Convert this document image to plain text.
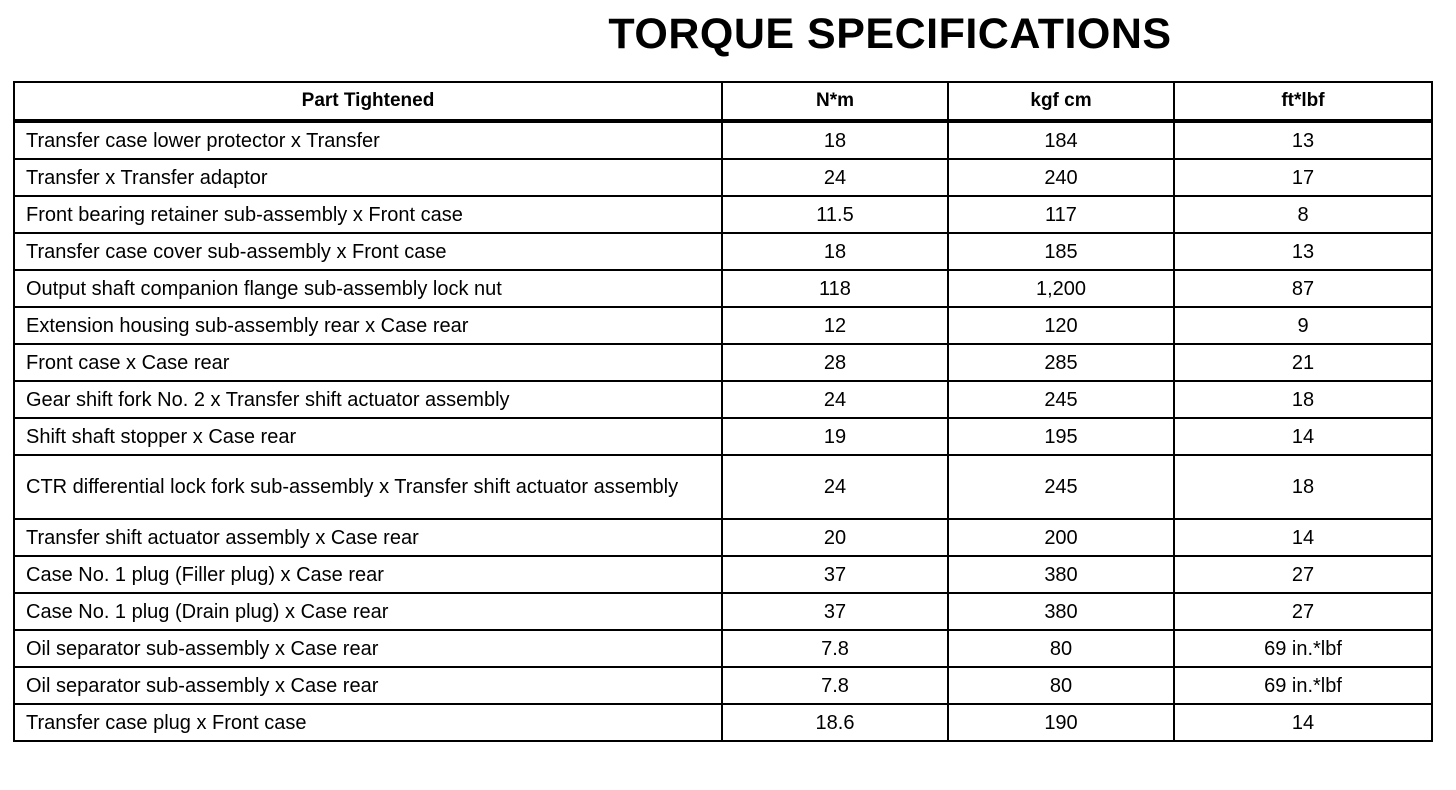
TORQUE SPECIFICATIONS
Part Tightened	N*m	kgf cm	ft*lbf
Transfer case lower protector x Transfer	18	184	13
Transfer x Transfer adaptor	24	240	17
Front bearing retainer sub-assembly x Front case	11.5	117	8
Transfer case cover sub-assembly x Front case	18	185	13
Output shaft companion flange sub-assembly lock nut	118	1,200	87
Extension housing sub-assembly rear x Case rear	12	120	9
Front case x Case rear	28	285	21
Gear shift fork No. 2 x Transfer shift actuator assembly	24	245	18
Shift shaft stopper x Case rear	19	195	14
CTR differential lock fork sub-assembly x Transfer shift actuator assembly	24	245	18
Transfer shift actuator assembly x Case rear	20	200	14
Case No. 1 plug (Filler plug) x Case rear	37	380	27
Case No. 1 plug (Drain plug) x Case rear	37	380	27
Oil separator sub-assembly x Case rear	7.8	80	69 in.*lbf
Oil separator sub-assembly x Case rear	7.8	80	69 in.*lbf
Transfer case plug x Front case	18.6	190	14
